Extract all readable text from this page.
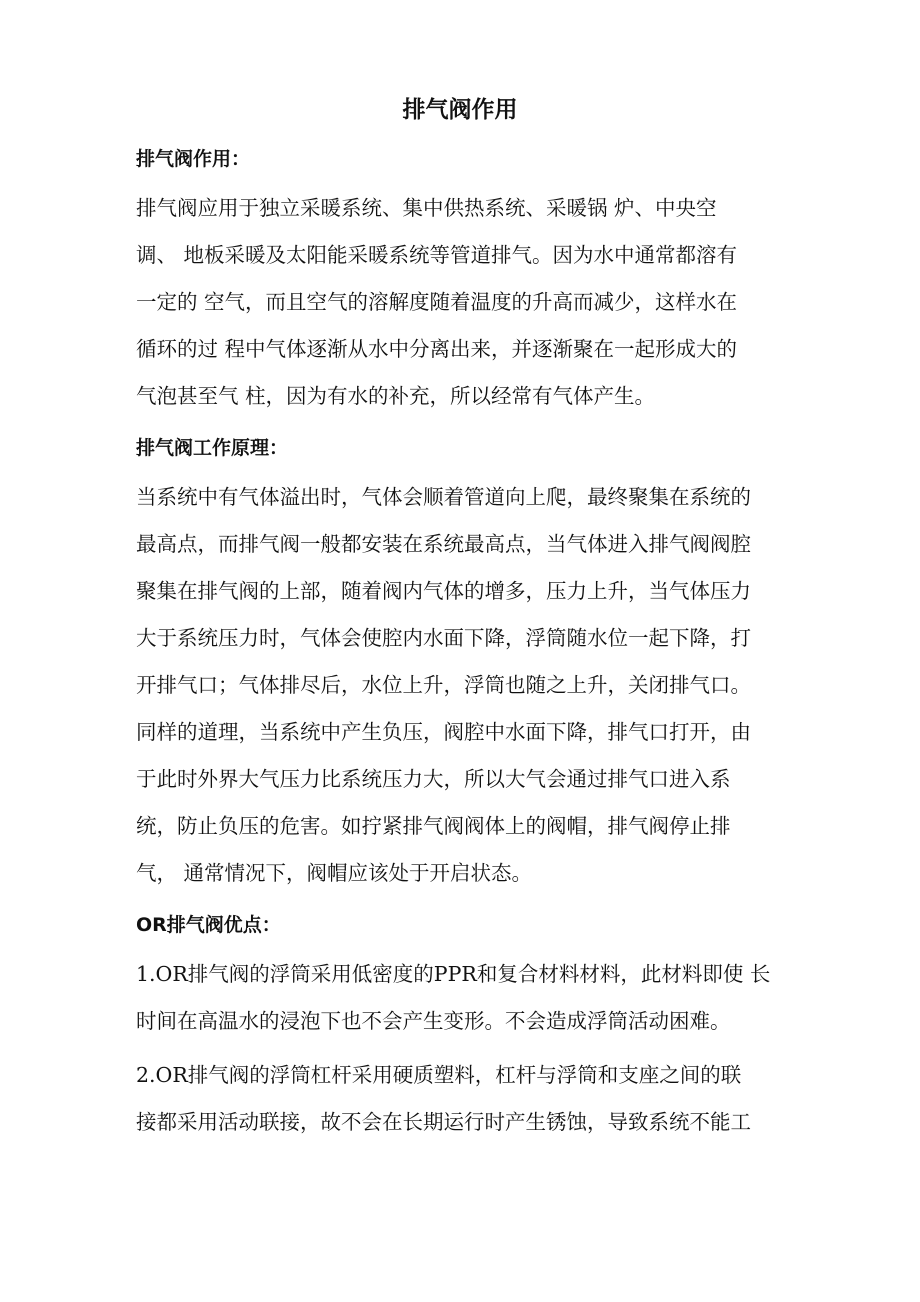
排气阀作用
排气阀作用：
排气阀应用于独立采暖系统、集中供热系统、采暖锅 炉、中央空
调、 地板采暖及太阳能采暖系统等管道排气。因为水中通常都溶有
一定的 空气，而且空气的溶解度随着温度的升高而减少，这样水在
循环的过 程中气体逐渐从水中分离出来，并逐渐聚在一起形成大的
气泡甚至气 柱，因为有水的补充，所以经常有气体产生。
排气阀工作原理：
当系统中有气体溢出时，气体会顺着管道向上爬，最终聚集在系统的
最高点，而排气阀一般都安装在系统最高点，当气体进入排气阀阀腔
聚集在排气阀的上部，随着阀内气体的增多，压力上升，当气体压力
大于系统压力时，气体会使腔内水面下降，浮筒随水位一起下降，打
开排气口；气体排尽后，水位上升，浮筒也随之上升，关闭排气口。
同样的道理，当系统中产生负压，阀腔中水面下降，排气口打开，由
于此时外界大气压力比系统压力大，所以大气会通过排气口进入系
统，防止负压的危害。如拧紧排气阀阀体上的阀帽，排气阀停止排
气， 通常情况下，阀帽应该处于开启状态。
OR排气阀优点：
1.OR排气阀的浮筒采用低密度的PPR和复合材料材料，此材料即使 长
时间在高温水的浸泡下也不会产生变形。不会造成浮筒活动困难。
2.OR排气阀的浮筒杠杆采用硬质塑料，杠杆与浮筒和支座之间的联
接都采用活动联接，故不会在长期运行时产生锈蚀，导致系统不能工
